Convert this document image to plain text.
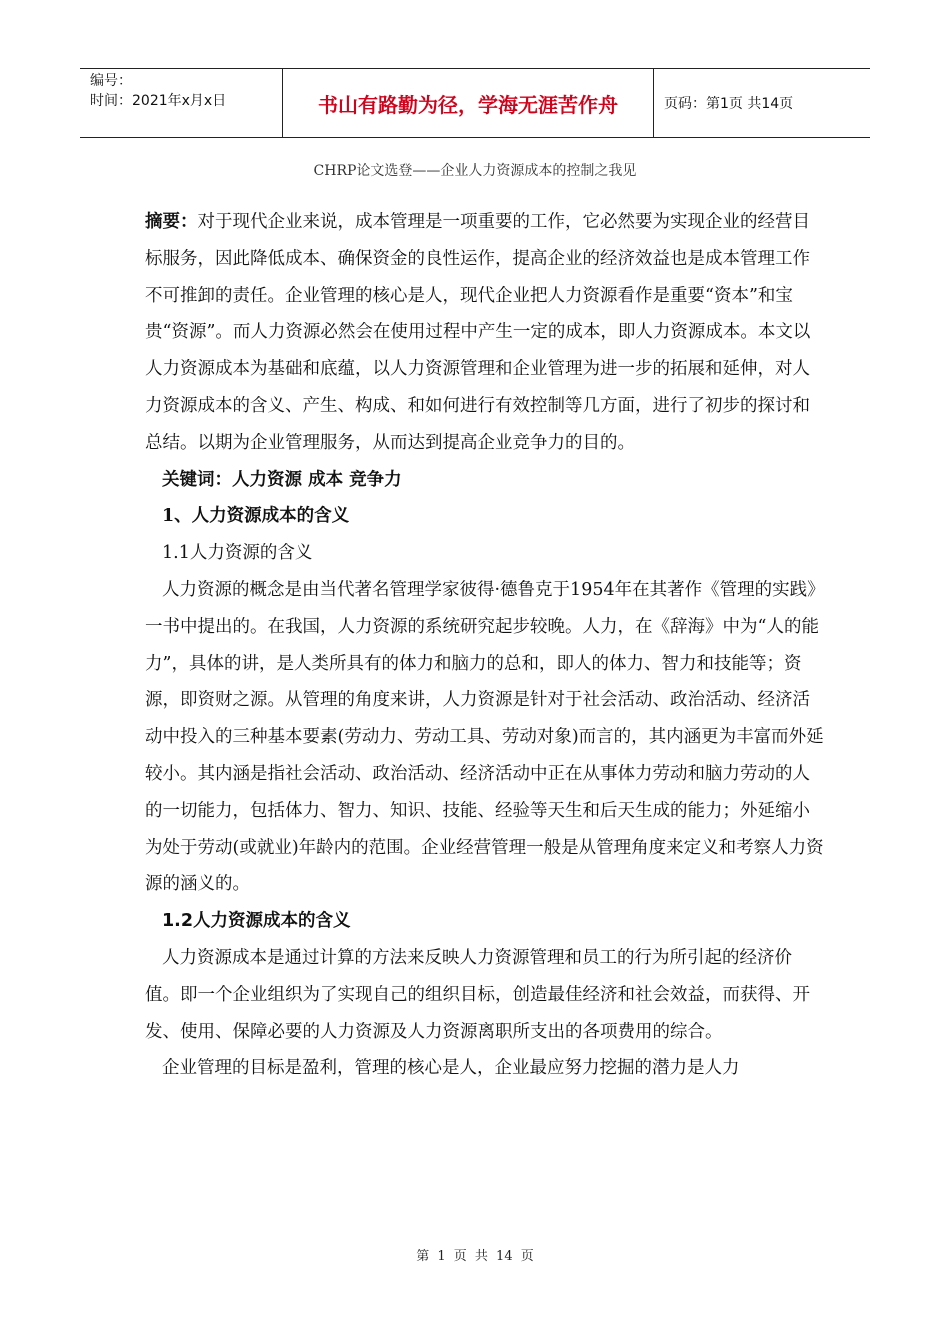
编号：
时间：2021年x月x日	书山有路勤为径，学海无涯苦作舟	页码：第1页 共14页
CHRP论文选登——企业人力资源成本的控制之我见

摘要：对于现代企业来说，成本管理是一项重要的工作，它必然要为实现企业的经营目标服务，因此降低成本、确保资金的良性运作，提高企业的经济效益也是成本管理工作不可推卸的责任。企业管理的核心是人，现代企业把人力资源看作是重要“资本”和宝贵“资源”。而人力资源必然会在使用过程中产生一定的成本，即人力资源成本。本文以人力资源成本为基础和底蕴，以人力资源管理和企业管理为进一步的拓展和延伸，对人力资源成本的含义、产生、构成、和如何进行有效控制等几方面，进行了初步的探讨和总结。以期为企业管理服务，从而达到提高企业竞争力的目的。

关键词：人力资源 成本 竞争力

1、人力资源成本的含义

1.1人力资源的含义

人力资源的概念是由当代著名管理学家彼得·德鲁克于1954年在其著作《管理的实践》一书中提出的。在我国，人力资源的系统研究起步较晚。人力，在《辞海》中为“人的能力”，具体的讲，是人类所具有的体力和脑力的总和，即人的体力、智力和技能等；资源，即资财之源。从管理的角度来讲，人力资源是针对于社会活动、政治活动、经济活动中投入的三种基本要素(劳动力、劳动工具、劳动对象)而言的，其内涵更为丰富而外延较小。其内涵是指社会活动、政治活动、经济活动中正在从事体力劳动和脑力劳动的人的一切能力，包括体力、智力、知识、技能、经验等天生和后天生成的能力；外延缩小为处于劳动(或就业)年龄内的范围。企业经营管理一般是从管理角度来定义和考察人力资源的涵义的。

1.2人力资源成本的含义

人力资源成本是通过计算的方法来反映人力资源管理和员工的行为所引起的经济价值。即一个企业组织为了实现自己的组织目标，创造最佳经济和社会效益，而获得、开发、使用、保障必要的人力资源及人力资源离职所支出的各项费用的综合。

企业管理的目标是盈利，管理的核心是人，企业最应努力挖掘的潜力是人力

第 1 页 共 14 页
